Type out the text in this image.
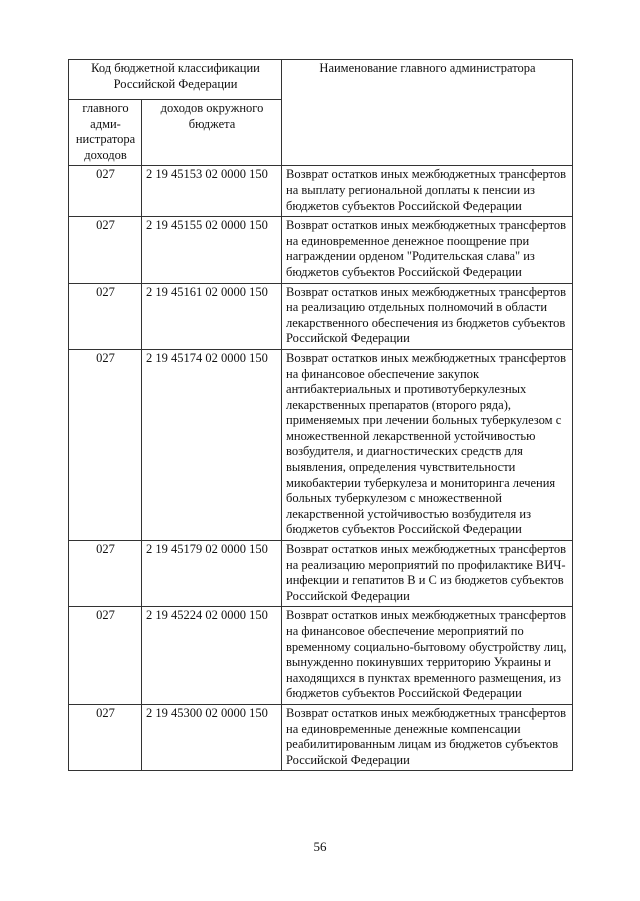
Код бюджетной классификации Российской Федерации		Наименование главного администратора
главного адми-нистратора доходов	доходов окружного бюджета	
027	2 19 45153 02 0000 150	Возврат остатков иных межбюджетных трансфертов на выплату региональной доплаты к пенсии из бюджетов субъектов Российской Федерации
027	2 19 45155 02 0000 150	Возврат остатков иных межбюджетных трансфертов на единовременное денежное поощрение при награждении орденом "Родительская слава" из бюджетов субъектов Российской Федерации
027	2 19 45161 02 0000 150	Возврат остатков иных межбюджетных трансфертов на реализацию отдельных полномочий в области лекарственного обеспечения из бюджетов субъектов Российской Федерации
027	2 19 45174 02 0000 150	Возврат остатков иных межбюджетных трансфертов на финансовое обеспечение закупок антибактериальных и противотуберкулезных лекарственных препаратов (второго ряда), применяемых при лечении больных туберкулезом с множественной лекарственной устойчивостью возбудителя, и диагностических средств для выявления, определения чувствительности микобактерии туберкулеза и мониторинга лечения больных туберкулезом с множественной лекарственной устойчивостью возбудителя из бюджетов субъектов Российской Федерации
027	2 19 45179 02 0000 150	Возврат остатков иных межбюджетных трансфертов на реализацию мероприятий по профилактике ВИЧ-инфекции и гепатитов В и С из бюджетов субъектов Российской Федерации
027	2 19 45224 02 0000 150	Возврат остатков иных межбюджетных трансфертов на финансовое обеспечение мероприятий по временному социально-бытовому обустройству лиц, вынужденно покинувших территорию Украины и находящихся в пунктах временного размещения, из бюджетов субъектов Российской Федерации
027	2 19 45300 02 0000 150	Возврат остатков иных межбюджетных трансфертов на единовременные денежные компенсации реабилитированным лицам из бюджетов субъектов Российской Федерации
56
